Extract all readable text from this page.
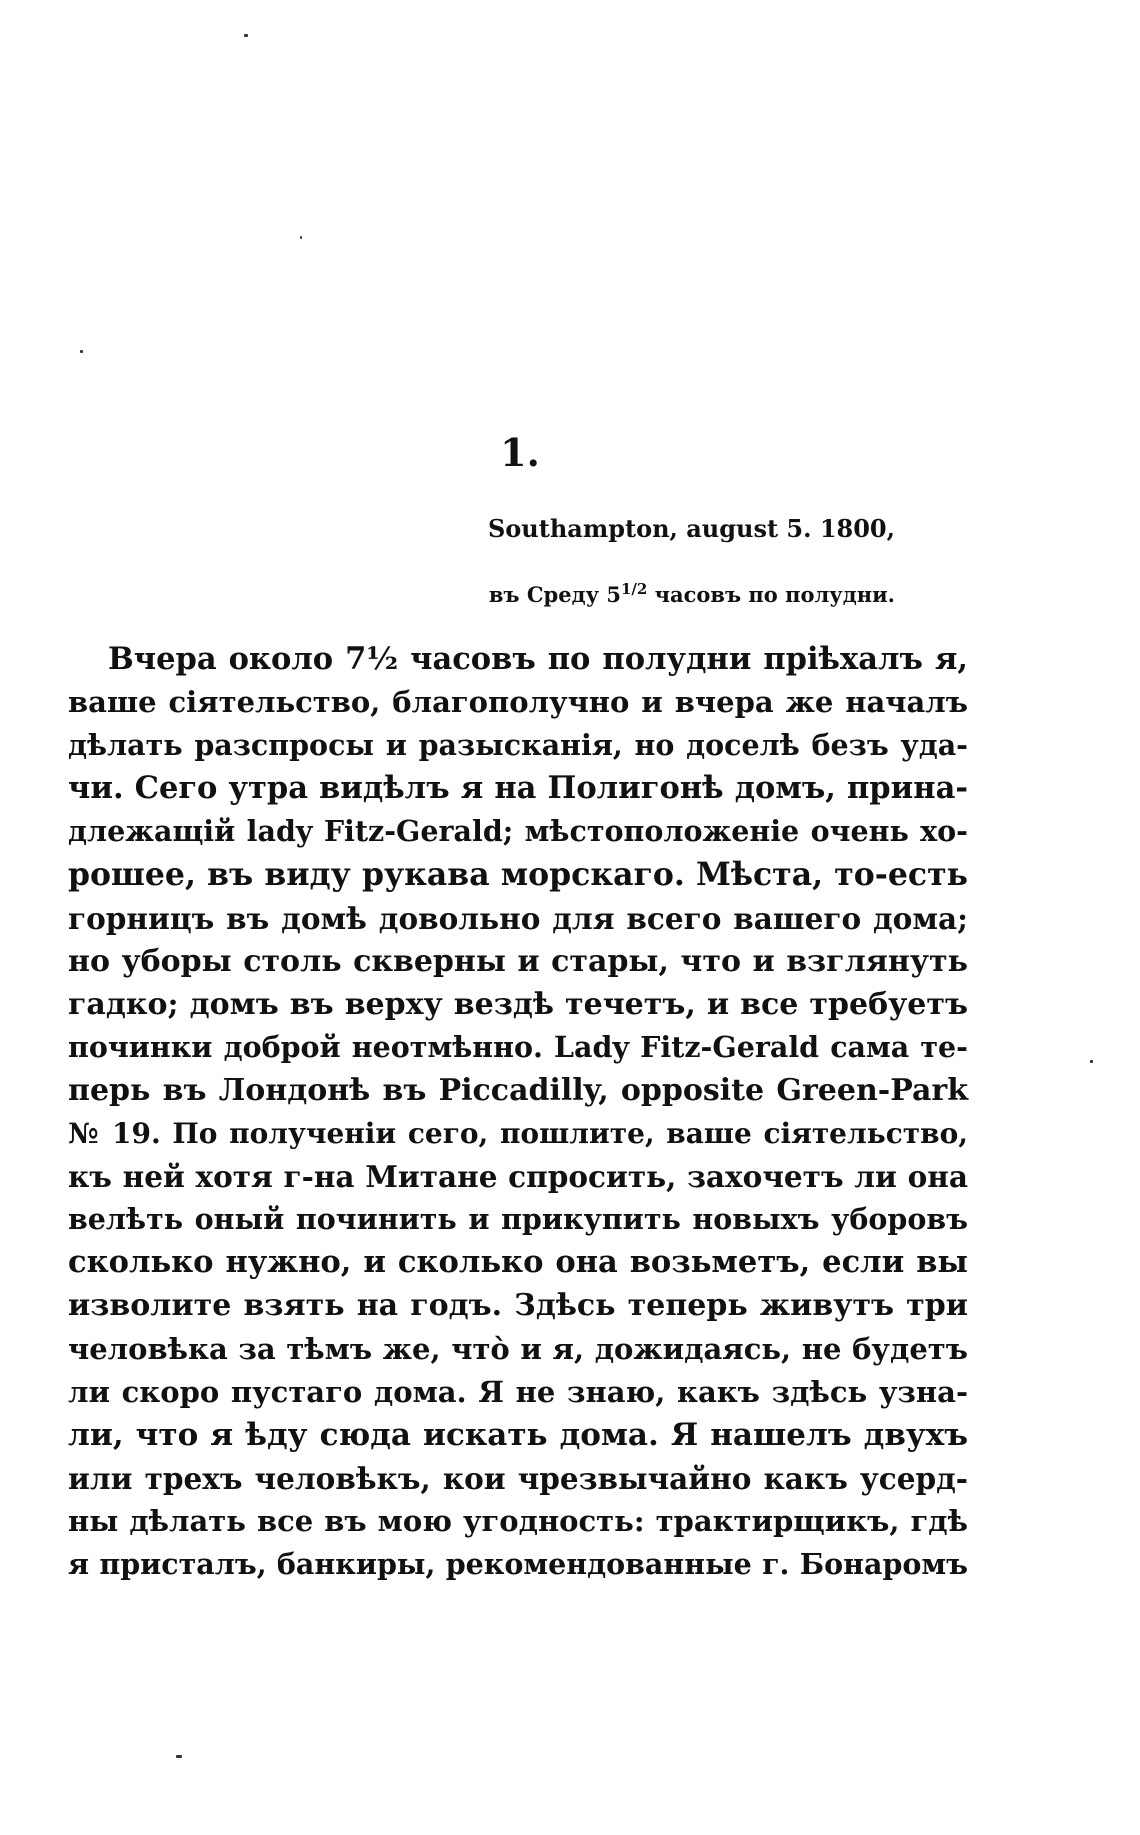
1.
Southampton, august 5. 1800,
въ Среду $5^{1/2}$ часовъ по полудни.
Вчера около 7½ часовъ по полудни пріѣхалъ я,
ваше сіятельство, благополучно и вчера же началъ
дѣлать разспросы и разысканія, но доселѣ безъ уда-
чи. Сего утра видѣлъ я на Полигонѣ домъ, прина-
длежащій lady Fitz-Gerald; мѣстоположеніе очень хо-
рошее, въ виду рукава морскаго. Мѣста, то-есть
горницъ въ домѣ довольно для всего вашего дома;
но уборы столь скверны и стары, что и взглянуть
гадко; домъ въ верху вездѣ течетъ, и все требуетъ
починки доброй неотмѣнно. Lady Fitz-Gerald сама те-
перь въ Лондонѣ въ Piccadilly, opposite Green-Park
№ 19. По полученіи сего, пошлите, ваше сіятельство,
къ ней хотя г-на Митане спросить, захочетъ ли она
велѣть оный починить и прикупить новыхъ уборовъ
сколько нужно, и сколько она возьметъ, если вы
изволите взять на годъ. Здѣсь теперь живутъ три
человѣка за тѣмъ же, что̀ и я, дожидаясь, не будетъ
ли скоро пустаго дома. Я не знаю, какъ здѣсь узна-
ли, что я ѣду сюда искать дома. Я нашелъ двухъ
или трехъ человѣкъ, кои чрезвычайно какъ усерд-
ны дѣлать все въ мою угодность: трактирщикъ, гдѣ
я присталъ, банкиры, рекомендованные г. Бонаромъ
